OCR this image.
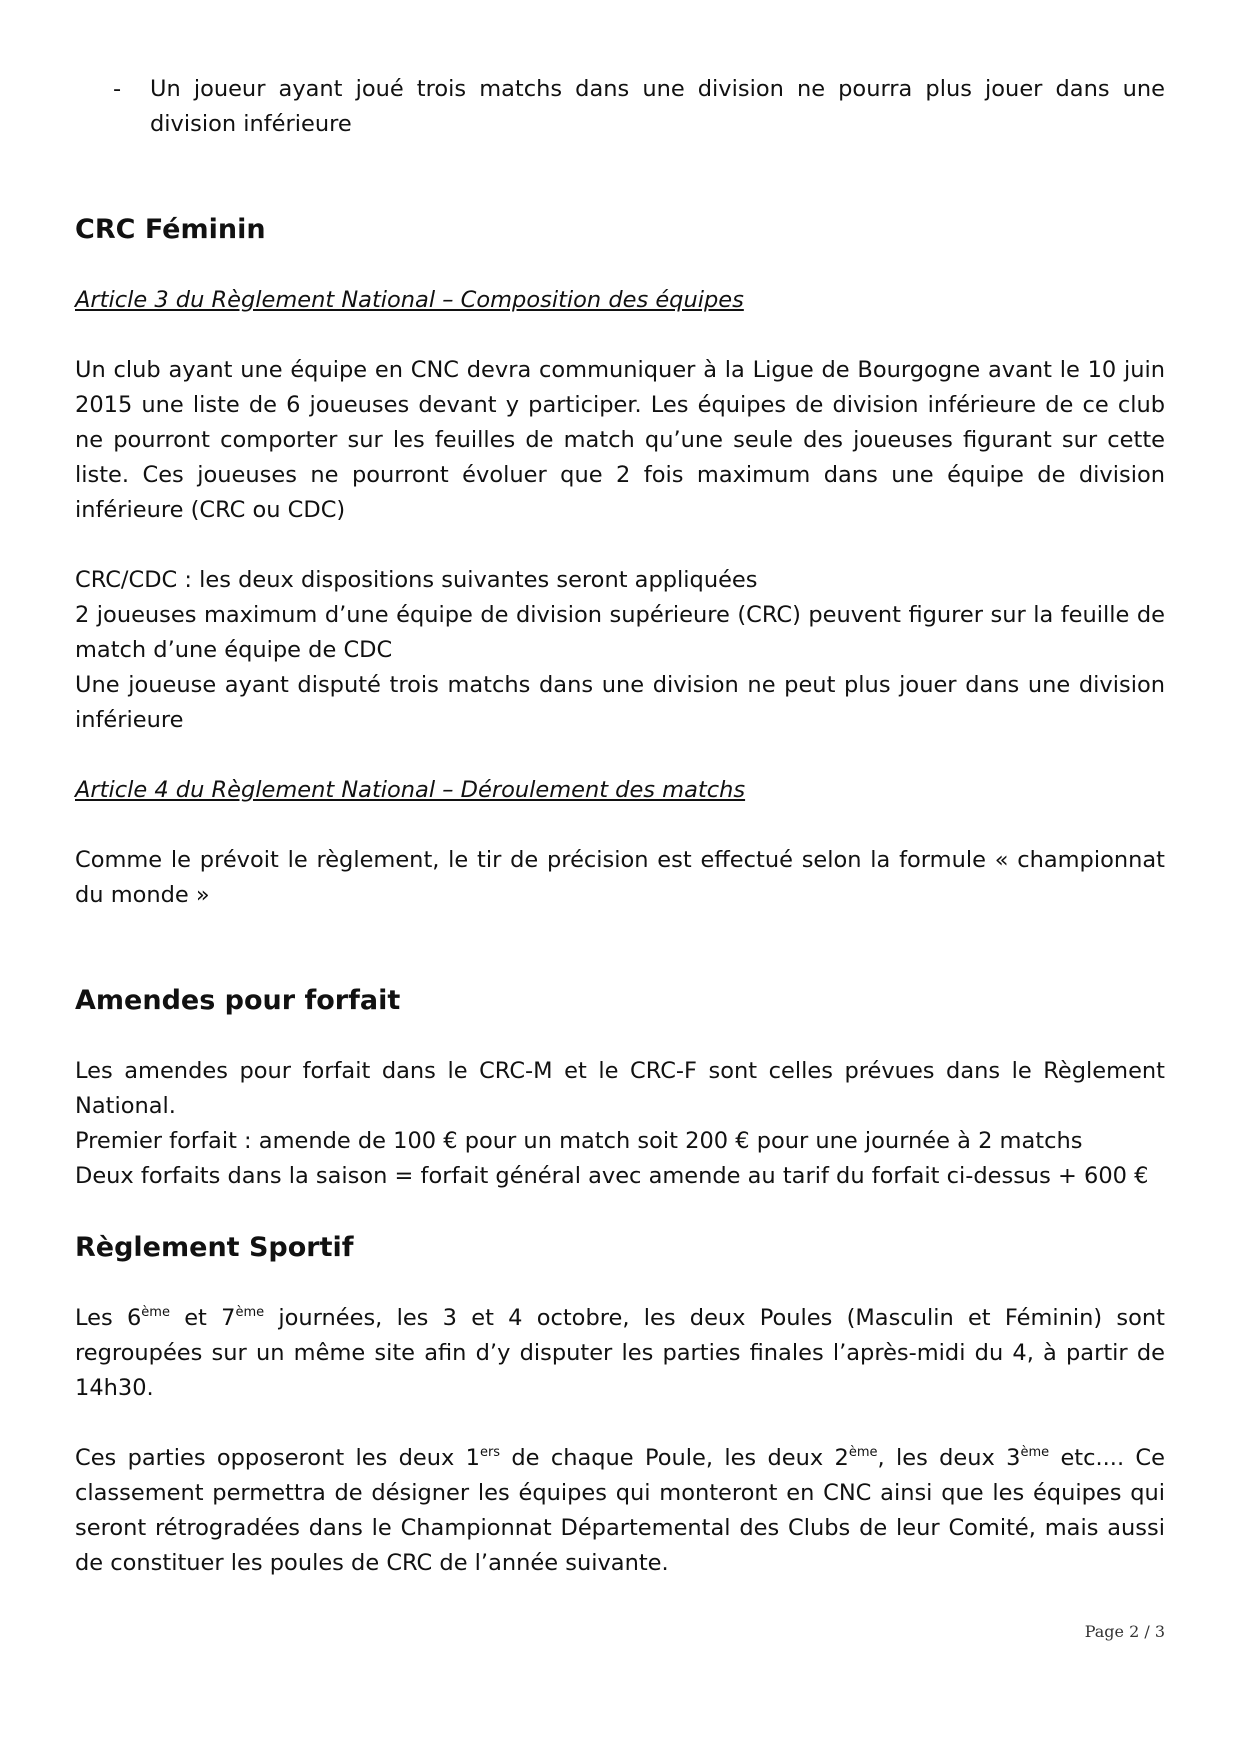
-	Un joueur ayant joué trois matchs dans une division ne pourra plus jouer dans une division inférieure

CRC Féminin

Article 3 du Règlement National – Composition des équipes

Un club ayant une équipe en CNC devra communiquer à la Ligue de Bourgogne avant le 10 juin 2015 une liste de 6 joueuses devant y participer. Les équipes de division inférieure de ce club ne pourront comporter sur les feuilles de match qu’une seule des joueuses figurant sur cette liste. Ces joueuses ne pourront évoluer que 2 fois maximum dans une équipe de division inférieure (CRC ou CDC)

CRC/CDC : les deux dispositions suivantes seront appliquées

2 joueuses maximum d’une équipe de division supérieure (CRC) peuvent figurer sur la feuille de match d’une équipe de CDC

Une joueuse ayant disputé trois matchs dans une division ne peut plus jouer dans une division inférieure

Article 4 du Règlement National – Déroulement des matchs

Comme le prévoit le règlement, le tir de précision est effectué selon la formule « championnat du monde »

Amendes pour forfait

Les amendes pour forfait dans le CRC-M et le CRC-F sont celles prévues dans le Règlement National.

Premier forfait : amende de 100 € pour un match soit 200 € pour une journée à 2 matchs

Deux forfaits dans la saison = forfait général avec amende au tarif du forfait ci-dessus + 600 €

Règlement Sportif

Les 6ème et 7ème journées, les 3 et 4 octobre, les deux Poules (Masculin et Féminin) sont regroupées sur un même site afin d’y disputer les parties finales l’après-midi du 4, à partir de 14h30.

Ces parties opposeront les deux 1ers de chaque Poule, les deux 2ème, les deux 3ème etc.... Ce classement permettra de désigner les équipes qui monteront en CNC ainsi que les équipes qui seront rétrogradées dans le Championnat Départemental des Clubs de leur Comité, mais aussi de constituer les poules de CRC de l’année suivante.

Page 2 / 3
